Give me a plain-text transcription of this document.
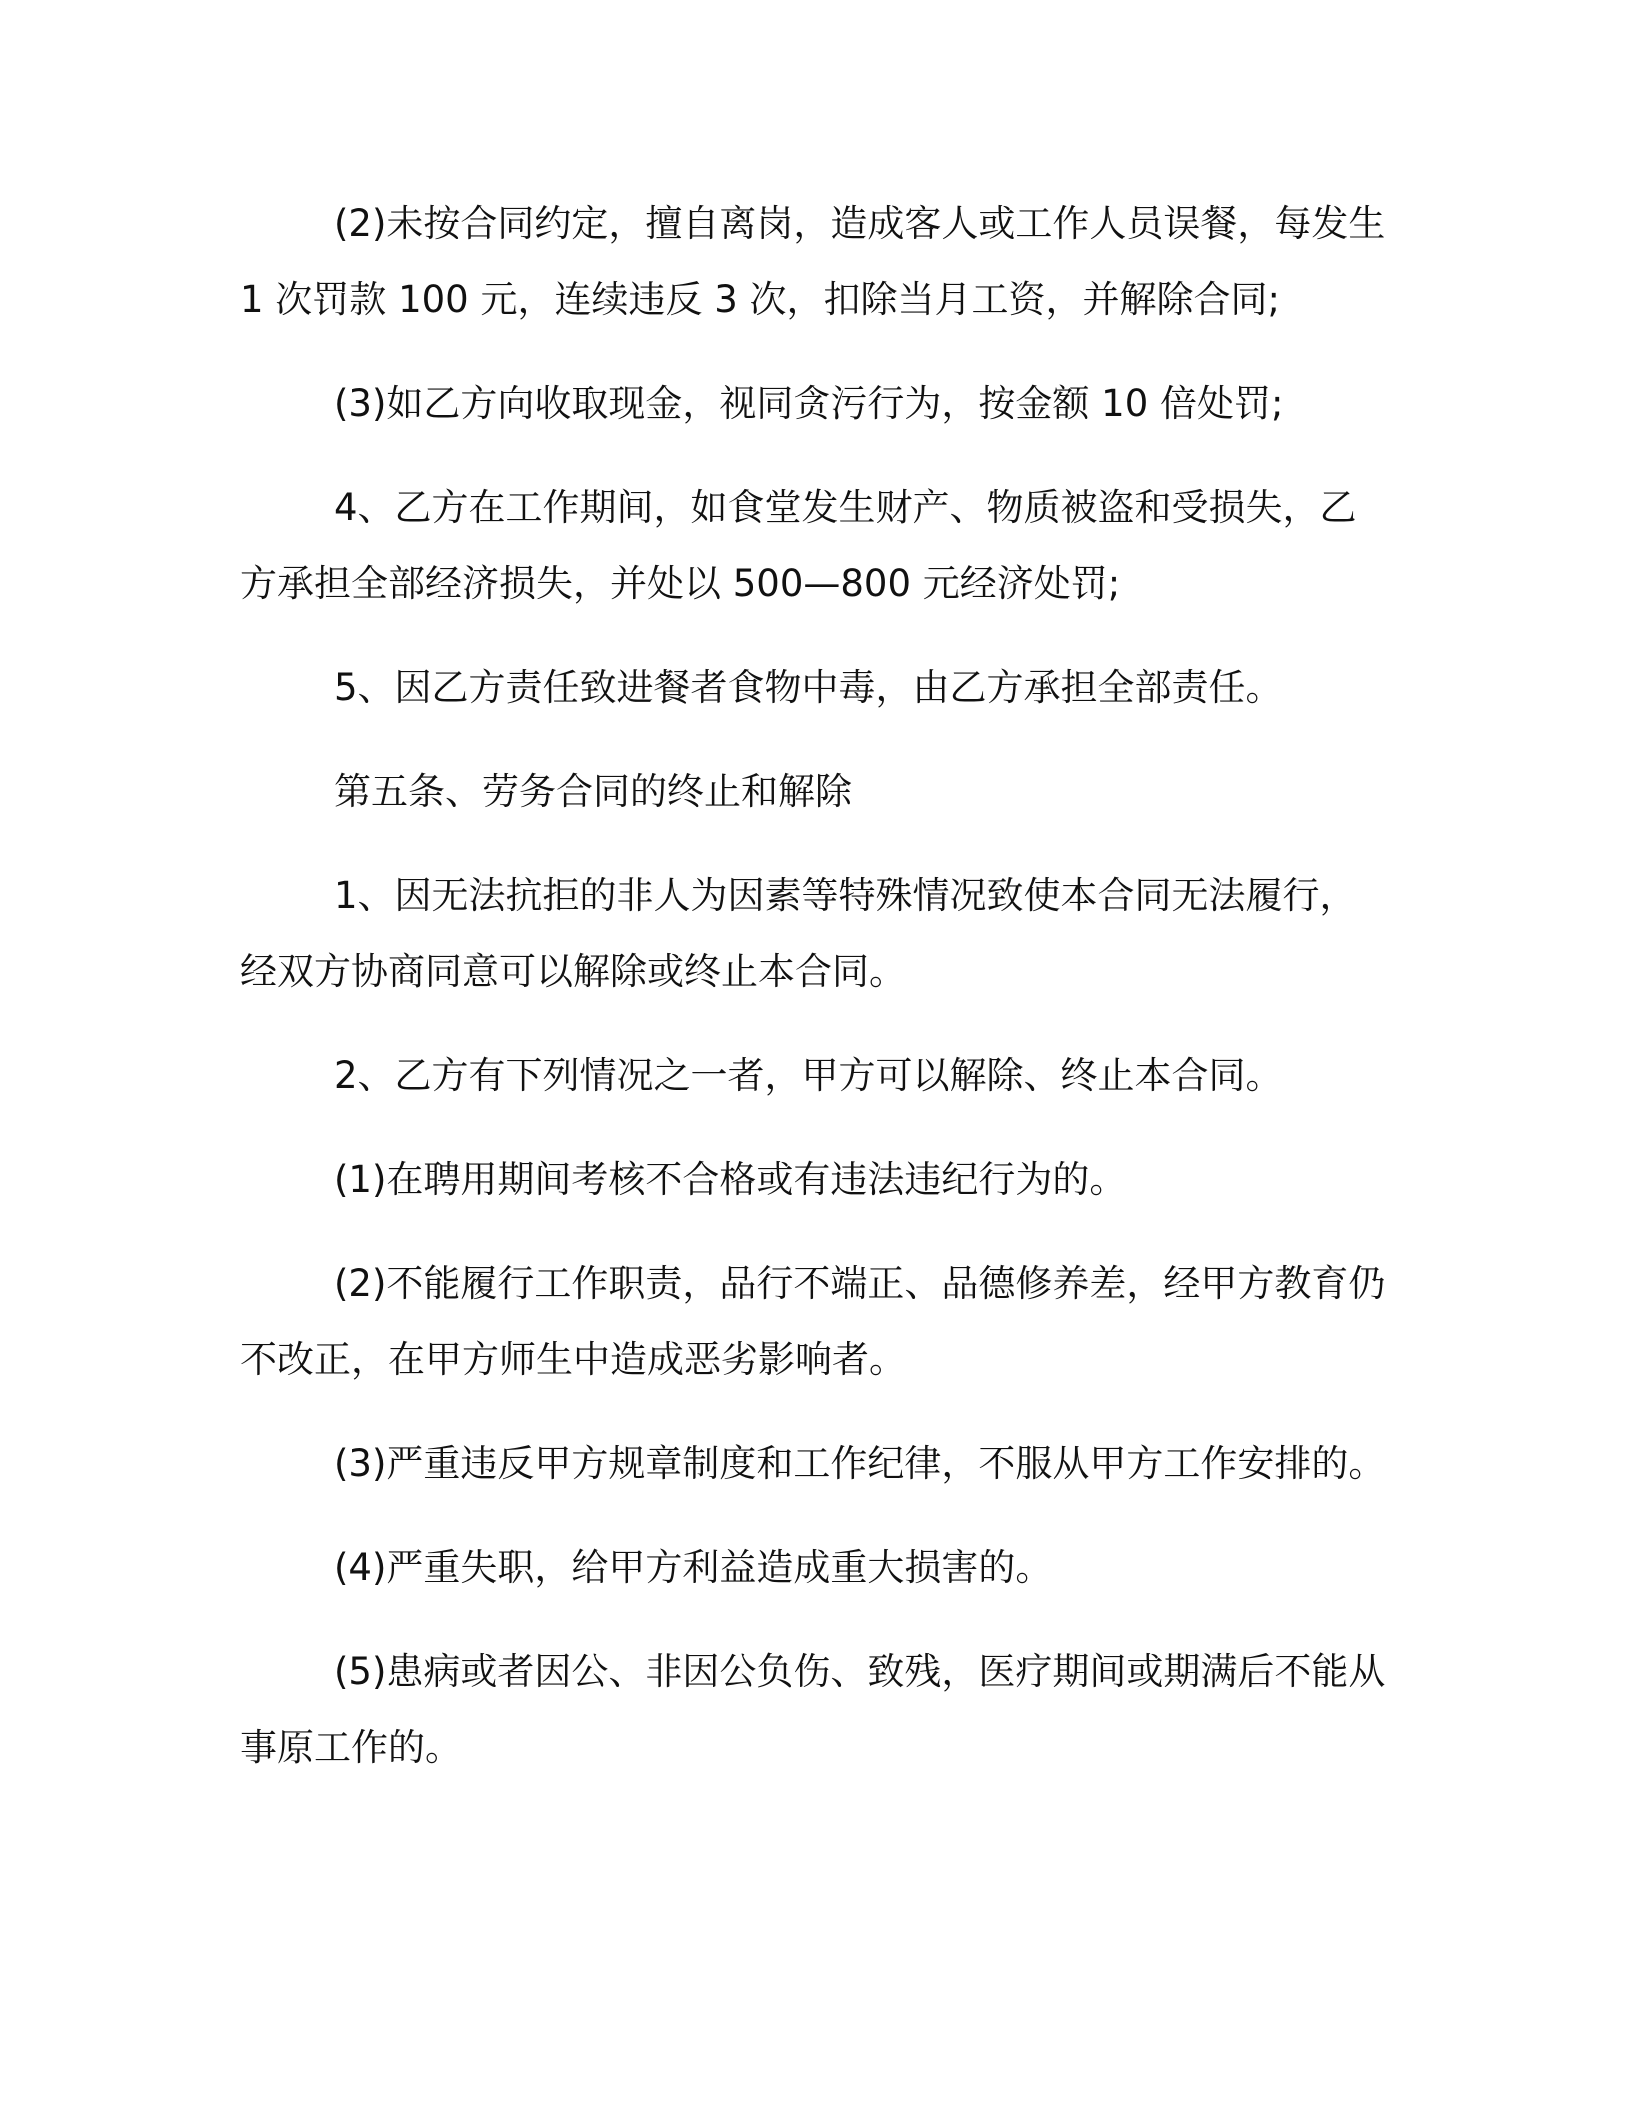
(2)未按合同约定，擅自离岗，造成客人或工作人员误餐，每发生1 次罚款 100 元，连续违反 3 次，扣除当月工资，并解除合同;

(3)如乙方向收取现金，视同贪污行为，按金额 10 倍处罚;

4、乙方在工作期间，如食堂发生财产、物质被盗和受损失，乙方承担全部经济损失，并处以 500—800 元经济处罚;

5、因乙方责任致进餐者食物中毒，由乙方承担全部责任。

第五条、劳务合同的终止和解除

1、因无法抗拒的非人为因素等特殊情况致使本合同无法履行，经双方协商同意可以解除或终止本合同。

2、乙方有下列情况之一者，甲方可以解除、终止本合同。

(1)在聘用期间考核不合格或有违法违纪行为的。

(2)不能履行工作职责，品行不端正、品德修养差，经甲方教育仍不改正，在甲方师生中造成恶劣影响者。

(3)严重违反甲方规章制度和工作纪律，不服从甲方工作安排的。

(4)严重失职，给甲方利益造成重大损害的。

(5)患病或者因公、非因公负伤、致残，医疗期间或期满后不能从事原工作的。
